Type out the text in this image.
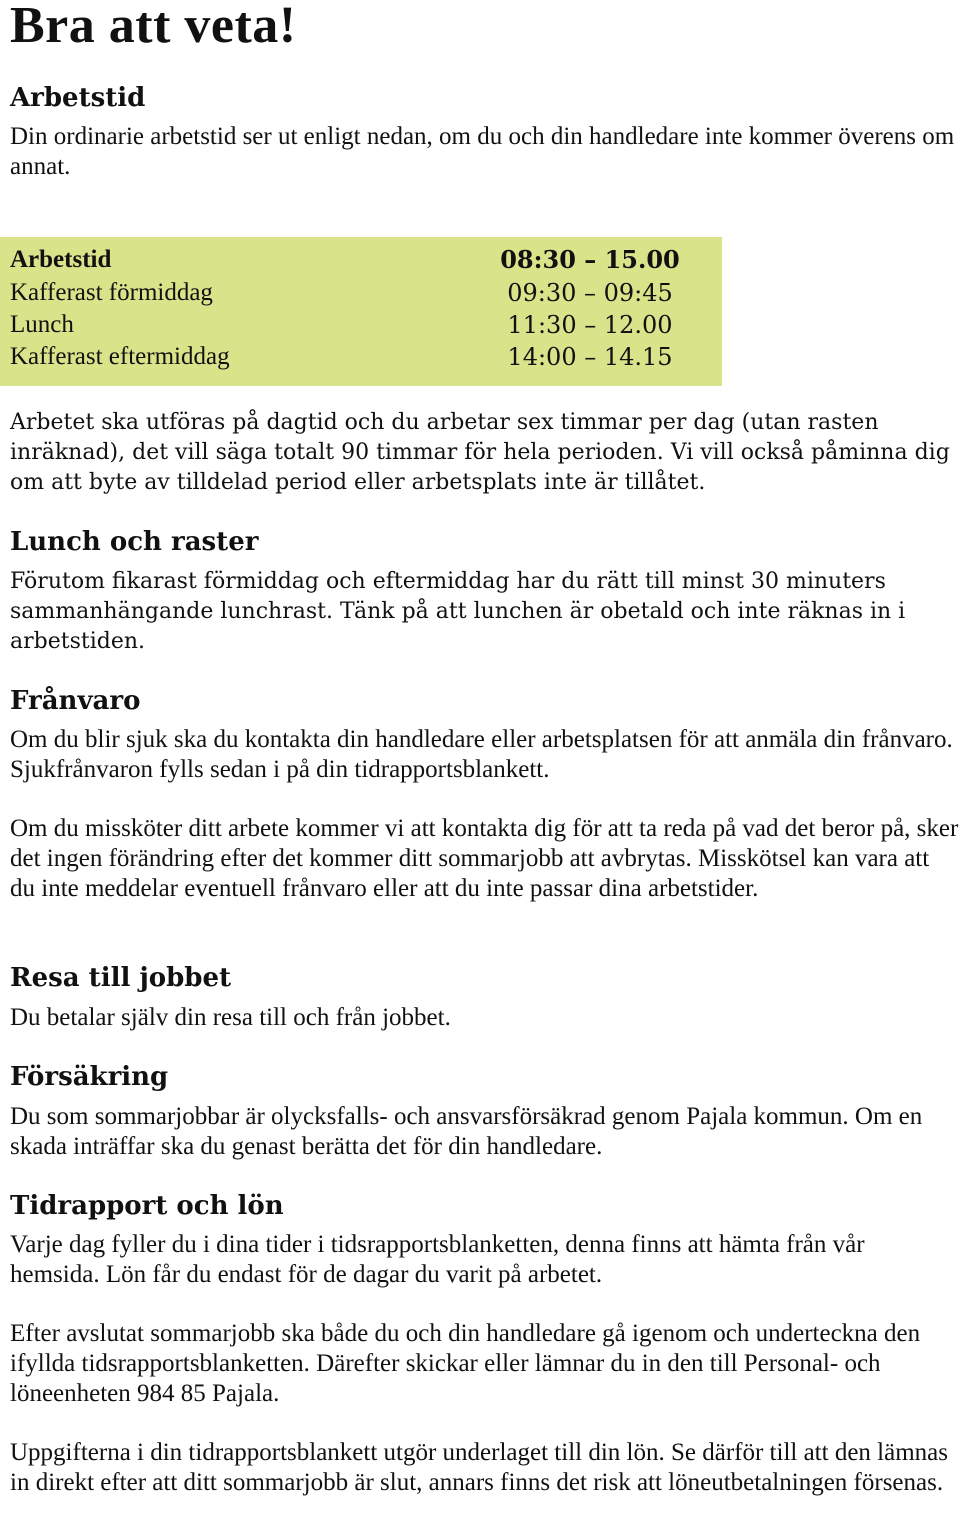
Bra att veta!
Arbetstid

Din ordinarie arbetstid ser ut enligt nedan, om du och din handledare inte kommer överens om annat.

Arbetstid	08:30 – 15.00
Kafferast förmiddag	09:30 – 09:45
Lunch	11:30 – 12.00
Kafferast eftermiddag	14:00 – 14.15

Arbetet ska utföras på dagtid och du arbetar sex timmar per dag (utan rasten inräknad), det vill säga totalt 90 timmar för hela perioden. Vi vill också påminna dig om att byte av tilldelad period eller arbetsplats inte är tillåtet.

Lunch och raster

Förutom fikarast förmiddag och eftermiddag har du rätt till minst 30 minuters sammanhängande lunchrast. Tänk på att lunchen är obetald och inte räknas in i arbetstiden.

Frånvaro

Om du blir sjuk ska du kontakta din handledare eller arbetsplatsen för att anmäla din frånvaro. Sjukfrånvaron fylls sedan i på din tidrapportsblankett.

Om du missköter ditt arbete kommer vi att kontakta dig för att ta reda på vad det beror på, sker det ingen förändring efter det kommer ditt sommarjobb att avbrytas. Misskötsel kan vara att du inte meddelar eventuell frånvaro eller att du inte passar dina arbetstider.

Resa till jobbet

Du betalar själv din resa till och från jobbet.

Försäkring

Du som sommarjobbar är olycksfalls- och ansvarsförsäkrad genom Pajala kommun. Om en skada inträffar ska du genast berätta det för din handledare.

Tidrapport och lön

Varje dag fyller du i dina tider i tidsrapportsblanketten, denna finns att hämta från vår hemsida. Lön får du endast för de dagar du varit på arbetet.

Efter avslutat sommarjobb ska både du och din handledare gå igenom och underteckna den ifyllda tidsrapportsblanketten. Därefter skickar eller lämnar du in den till Personal- och löneenheten 984 85 Pajala.

Uppgifterna i din tidrapportsblankett utgör underlaget till din lön. Se därför till att den lämnas in direkt efter att ditt sommarjobb är slut, annars finns det risk att löneutbetalningen försenas.
